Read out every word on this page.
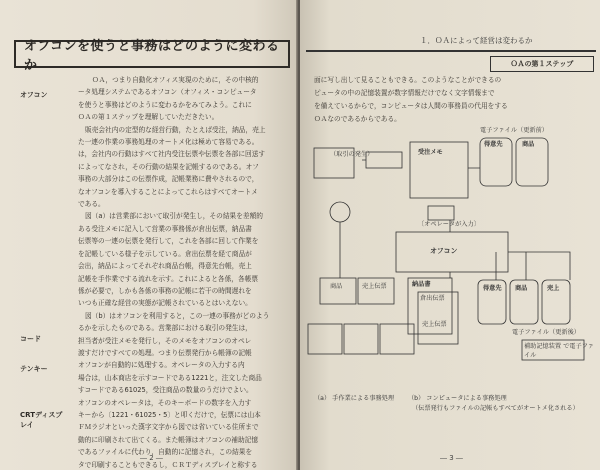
オフコンを使うと事務はどのように変わるか
オフコン
コード
テンキー
CRTディスプ
レイ
ＯＡ，つまり自動化オフィス実現のために，その中核的
ータ処理システムであるオフコン（オフィス・コンピュータ
を使うと事務はどのように変わるかをみてみよう。これに
ＯＡの第１ステップを理解していただきたい。
販売会社内の定型的な経営行動，たとえば受注，納品，売上
た一連の作業の事務処理のオートメ化は極めて容易である。
は，会社内の行動はすべて社内受注伝票や伝票を各部に回送す
によってなされ，その行動の結果を記帳するのである。オフ
事務の大部分はこの伝票作成，記帳業務に費やされるので，
なオフコンを導入することによってこれらはすべてオートメ
である。
図（a）は営業部において取引が発生し，その結果を差額的
ある受注メモに記入して営業の事務係が倉出伝票，納品書
伝票等の一連の伝票を発行して，これを各部に回して作業を
を記帳している様子を示している。倉出伝票を経て商品が
会出，納品によってそれぞれ商品台帳，得意先台帳，売上
記帳を手作業でする流れを示す。これによると各係，各帳票
係が必要で，しかも各係の事務の記帳に若干の時間遅れを
いつも正確な経営の実態が記帳されているとはいえない。
図（b）はオフコンを利用すると，この一連の事務がどのよう
るかを示したものである。営業部における取引の発生は，
担当者が受注メモを発行し，そのメモをオフコンのオペレ
渡すだけですべての処理。つまり伝票発行から帳簿の記帳
オフコンが自動的に処理する。オペレータの入力する内
場合は，山本商店を示すコードである1221と，注文した商品
すコードである61025，受注商品の数量のうだけでよい。
オフコンのオペレータは，そのキーボードの数字を入力す
キーから〔1221・61025・5〕と叩くだけで，伝票には山本
ＦＭラジオといった漢字文字から図では省いている住所まで
動的に印刷されて出てくる。また帳簿はオフコンの補助記憶
であるファイルに代わり，自動的に記憶され，この結果を
タで印刷することもできるし，ＣＲＴディスプレイと称する
― 2 ―
１．ＯＡによって経営は変わるか
ＯＡの第１ステップ
面に写し出して見ることもできる。このようなことができるの
ピュータの中の記憶装置が数字情報だけでなく文字情報まで
を備えているからで，コンピュータは人間の事務員の代用をする
ＯＡなのであるからである。
（取引の発生）	受注メモ
〔オペレータが入力〕
オフコン
電子ファイル（更新前）
得意先	商品
納品書
倉出伝票
売上伝票
商品	売上伝票	得意先 商品	売上
補助記憶装置 で電子ファイル
電子ファイル（更新後）
（a） 手作業による事務処理 （b） コンピュータによる事務処理
（伝票発行もファイルの記帳もすべてがオートメ化される）
― 3 ―
